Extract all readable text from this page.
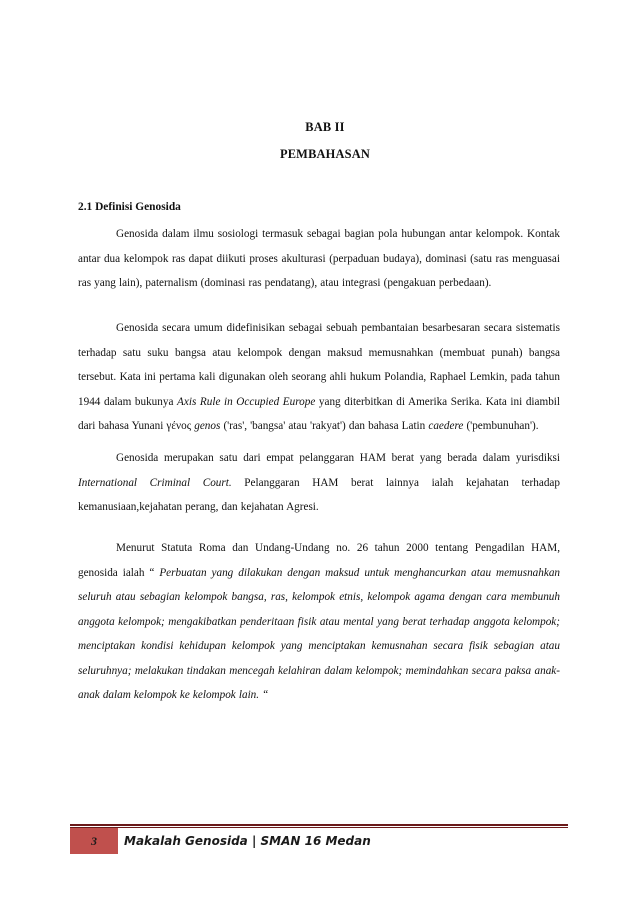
BAB II
PEMBAHASAN
2.1 Definisi Genosida

Genosida dalam ilmu sosiologi termasuk sebagai bagian pola hubungan antar kelompok. Kontak antar dua kelompok ras dapat diikuti proses akulturasi (perpaduan budaya), dominasi (satu ras menguasai ras yang lain), paternalism (dominasi ras pendatang), atau integrasi (pengakuan perbedaan).

Genosida secara umum didefinisikan sebagai sebuah pembantaian besarbesaran secara sistematis terhadap satu suku bangsa atau kelompok dengan maksud memusnahkan (membuat punah) bangsa tersebut. Kata ini pertama kali digunakan oleh seorang ahli hukum Polandia, Raphael Lemkin, pada tahun 1944 dalam bukunya Axis Rule in Occupied Europe yang diterbitkan di Amerika Serika. Kata ini diambil dari bahasa Yunani γένος genos ('ras', 'bangsa' atau 'rakyat') dan bahasa Latin caedere ('pembunuhan').

Genosida merupakan satu dari empat pelanggaran HAM berat yang berada dalam yurisdiksi International Criminal Court. Pelanggaran HAM berat lainnya ialah kejahatan terhadap kemanusiaan,kejahatan perang, dan kejahatan Agresi.

Menurut Statuta Roma dan Undang-Undang no. 26 tahun 2000 tentang Pengadilan HAM, genosida ialah “ Perbuatan yang dilakukan dengan maksud untuk menghancurkan atau memusnahkan seluruh atau sebagian kelompok bangsa, ras, kelompok etnis, kelompok agama dengan cara membunuh anggota kelompok; mengakibatkan penderitaan fisik atau mental yang berat terhadap anggota kelompok; menciptakan kondisi kehidupan kelompok yang menciptakan kemusnahan secara fisik sebagian atau seluruhnya; melakukan tindakan mencegah kelahiran dalam kelompok; memindahkan secara paksa anak-anak dalam kelompok ke kelompok lain. “

3	Makalah Genosida | SMAN 16 Medan
